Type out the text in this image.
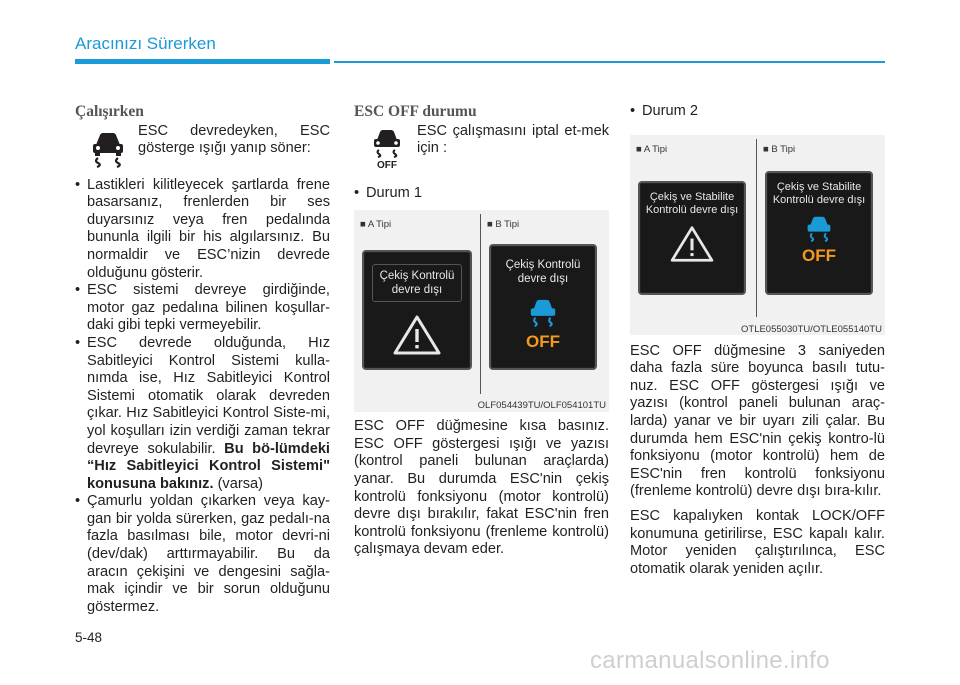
Aracınızı Sürerken
Çalışırken
ESC devredeyken, ESC gösterge ışığı yanıp söner:
• Lastikleri kilitleyecek şartlarda frene basarsanız, frenlerden bir ses duyarsınız veya fren pedalında bununla ilgili bir his algılarsınız. Bu normaldir ve ESC’nizin devrede olduğunu gösterir.
• ESC sistemi devreye girdiğinde, motor gaz pedalına bilinen koşullar-daki gibi tepki vermeyebilir.
• ESC devrede olduğunda, Hız Sabitleyici Kontrol Sistemi kulla-nımda ise, Hız Sabitleyici Kontrol Sistemi otomatik olarak devreden çıkar. Hız Sabitleyici Kontrol Siste-mi, yol koşulları izin verdiği zaman tekrar devreye sokulabilir. Bu bö-lümdeki “Hız Sabitleyici Kontrol Sistemi" konusuna bakınız. (varsa)
• Çamurlu yoldan çıkarken veya kay-gan bir yolda sürerken, gaz pedalı-na fazla basılması bile, motor devri-ni (dev/dak) arttırmayabilir. Bu da aracın çekişini ve dengesini sağla-mak içindir ve bir sorun olduğunu göstermez.
ESC OFF durumu
OFF
ESC çalışmasını iptal et-mek için :
• Durum 1
■ A Tipi	■ B Tipi
Çekiş Kontrolü devre dışı
Çekiş Kontrolü devre dışı
OFF
OLF054439TU/OLF054101TU
ESC OFF düğmesine kısa basınız. ESC OFF göstergesi ışığı ve yazısı (kontrol paneli bulunan araçlarda) yanar. Bu durumda ESC'nin çekiş kontrolü fonksiyonu (motor kontrolü) devre dışı bırakılır, fakat ESC'nin fren kontrolü fonksiyonu (frenleme kontrolü) çalışmaya devam eder.
• Durum 2
■ A Tipi	■ B Tipi
Çekiş ve Stabilite Kontrolü devre dışı
Çekiş ve Stabilite Kontrolü devre dışı
OFF
OTLE055030TU/OTLE055140TU
ESC OFF düğmesine 3 saniyeden daha fazla süre boyunca basılı tutu-nuz. ESC OFF göstergesi ışığı ve yazısı (kontrol paneli bulunan araç-larda) yanar ve bir uyarı zili çalar. Bu durumda hem ESC'nin çekiş kontro-lü fonksiyonu (motor kontrolü) hem de ESC'nin fren kontrolü fonksiyonu (frenleme kontrolü) devre dışı bıra-kılır.
ESC kapalıyken kontak LOCK/OFF konumuna getirilirse, ESC kapalı kalır. Motor yeniden çalıştırılınca, ESC otomatik olarak yeniden açılır.
5-48
carmanualsonline.info
